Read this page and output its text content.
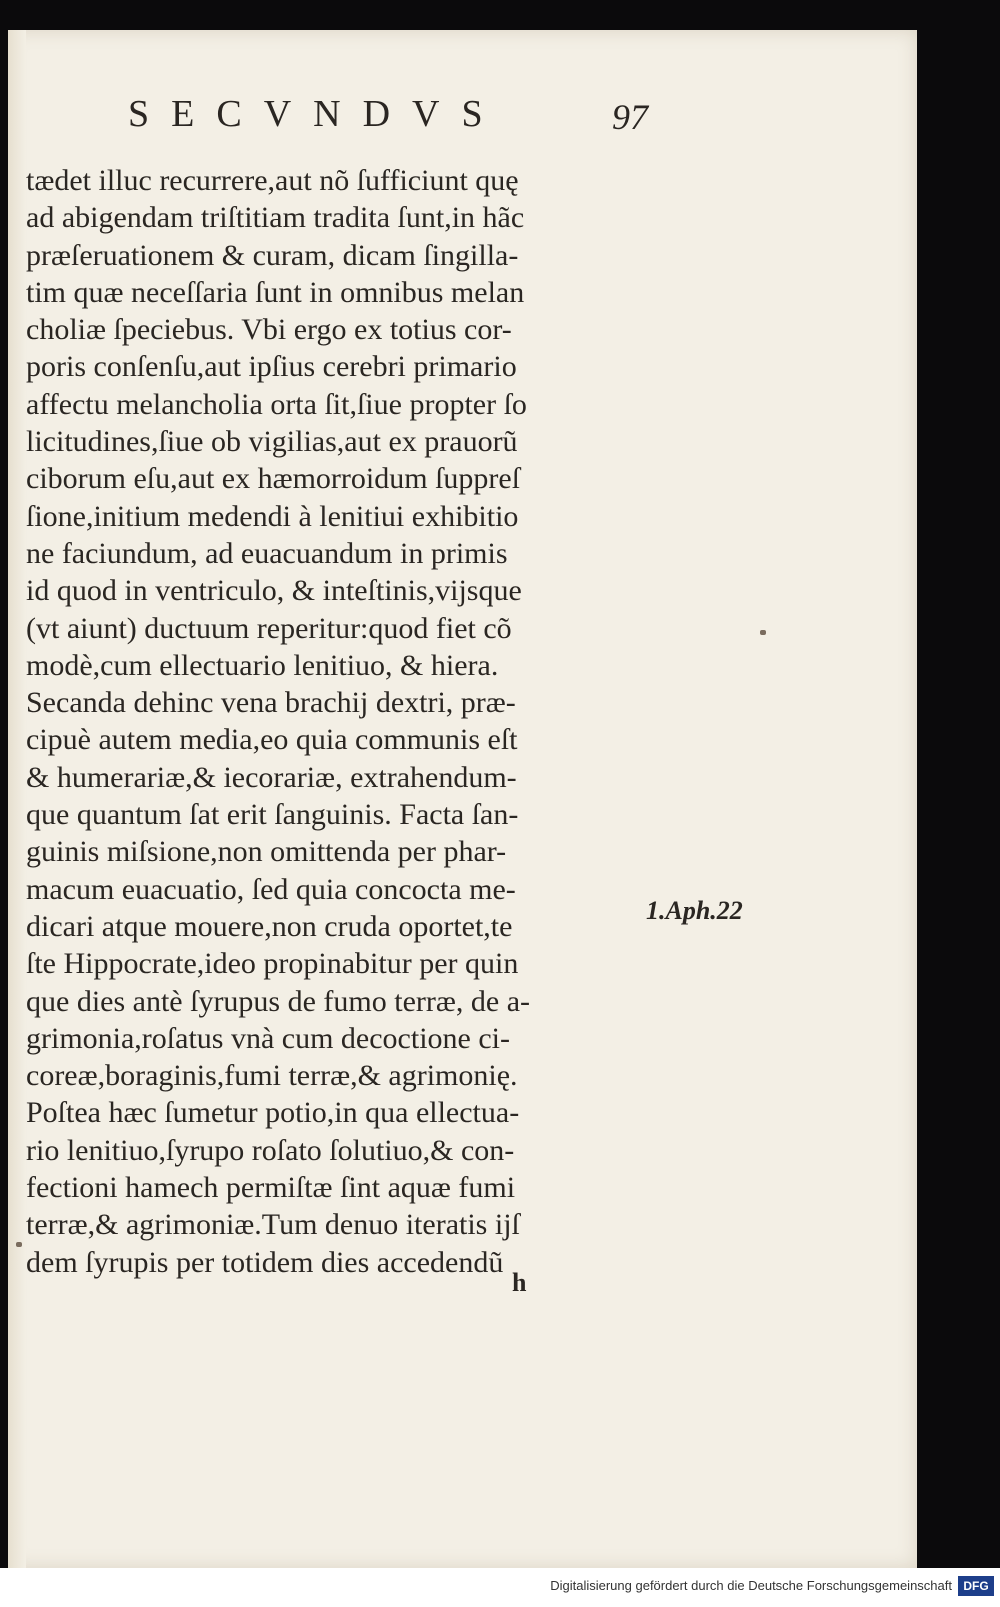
SECVNDVS	97
tædet illuc recurrere,aut nõ ſufficiunt quę
ad abigendam triſtitiam tradita ſunt,in hãc
præſeruationem & curam, dicam ſingilla-
tim quæ neceſſaria ſunt in omnibus melan
choliæ ſpeciebus. Vbi ergo ex totius cor-
poris conſenſu,aut ipſius cerebri primario
affectu melancholia orta ſit,ſiue propter ſo
licitudines,ſiue ob vigilias,aut ex prauorũ
ciborum eſu,aut ex hæmorroidum ſuppreſ
ſione,initium medendi à lenitiui exhibitio
ne faciundum, ad euacuandum in primis
id quod in ventriculo, & inteſtinis,vijsque
(vt aiunt) ductuum reperitur:quod fiet cõ
modè,cum ellectuario lenitiuo, & hiera.
Secanda dehinc vena brachij dextri, præ-
cipuè autem media,eo quia communis eſt
& humerariæ,& iecorariæ, extrahendum-
que quantum ſat erit ſanguinis. Facta ſan-
guinis miſsione,non omittenda per phar-
macum euacuatio, ſed quia concocta me-
dicari atque mouere,non cruda oportet,te
ſte Hippocrate,ideo propinabitur per quin
que dies antè ſyrupus de fumo terræ, de a-
grimonia,roſatus vnà cum decoctione ci-
coreæ,boraginis,fumi terræ,& agrimonię.
Poſtea hæc ſumetur potio,in qua ellectua-
rio lenitiuo,ſyrupo roſato ſolutiuo,& con-
fectioni hamech permiſtæ ſint aquæ fumi
terræ,& agrimoniæ.Tum denuo iteratis ijſ
dem ſyrupis per totidem dies accedendũ
1.Aph.22
h
Digitalisierung gefördert durch die Deutsche Forschungsgemeinschaft DFG
